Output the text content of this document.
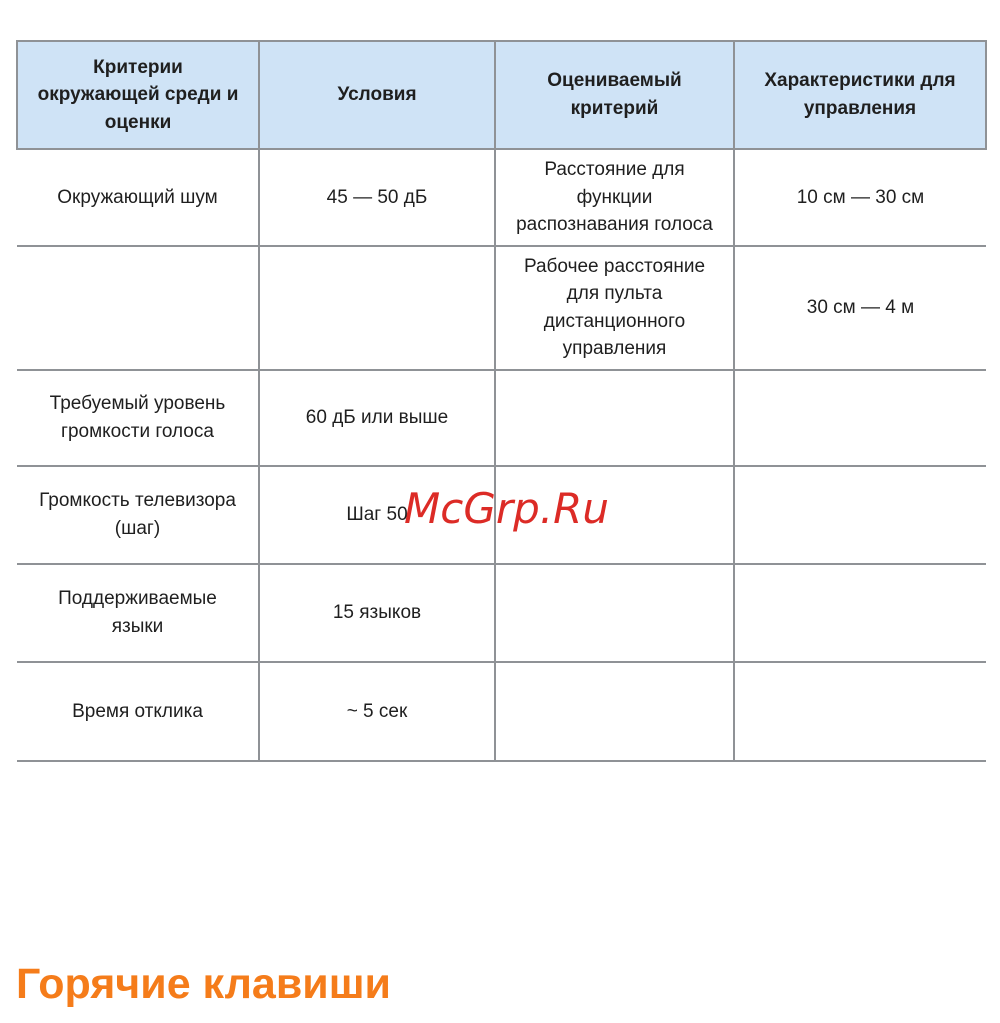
McGrp.Ru
Критерии окружающей среди и оценки	Условия	Оцениваемый критерий	Характеристики для управления
Окружающий шум	45 — 50 дБ	Расстояние для функции распознавания голоса	10 см — 30 см
		Рабочее расстояние для пульта дистанционного управления	30 см — 4 м
Требуемый уровень громкости голоса	60 дБ или выше		
Громкость телевизора (шаг)	Шаг 50		
Поддерживаемые языки	15 языков		
Время отклика	~ 5 сек		
Горячие клавиши
